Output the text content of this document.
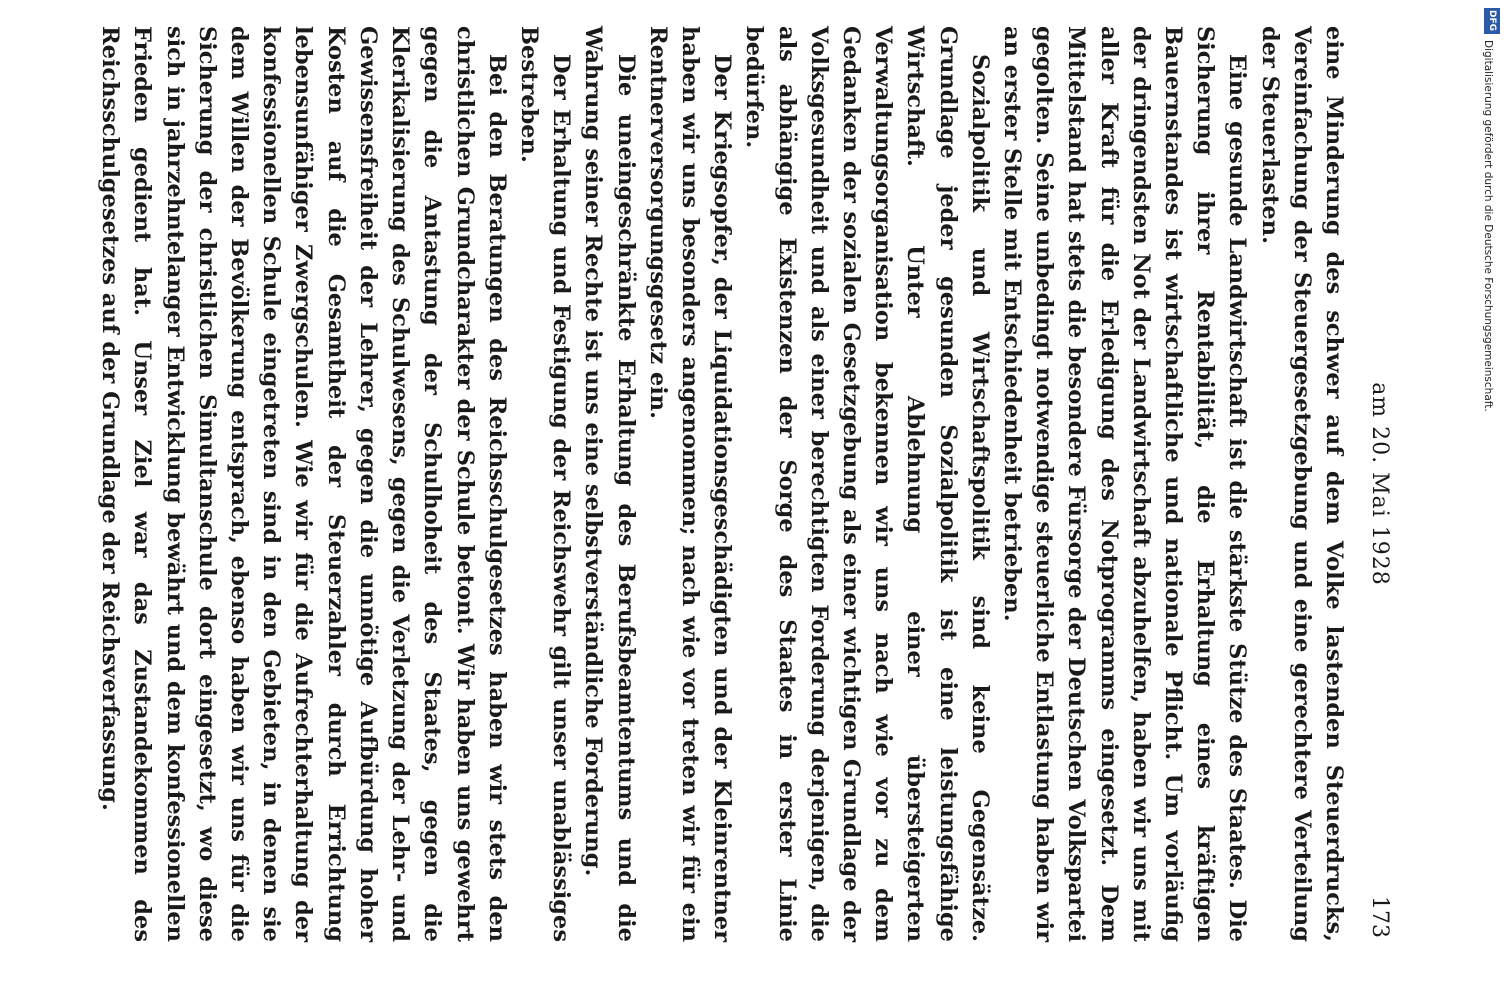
am 20. Mai 1928
173

eine Minderung des schwer auf dem Volke lastenden Steuerdrucks, Vereinfachung der Steuergesetzgebung und eine gerechtere Verteilung der Steuerlasten.

Eine gesunde Landwirtschaft ist die stärkste Stütze des Staates. Die Sicherung ihrer Rentabilität, die Erhaltung eines kräftigen Bauernstandes ist wirtschaftliche und nationale Pflicht. Um vorläufig der dringendsten Not der Landwirtschaft abzuhelfen, haben wir uns mit aller Kraft für die Erledigung des Notprogramms eingesetzt. Dem Mittelstand hat stets die besondere Fürsorge der Deutschen Volkspartei gegolten. Seine unbedingt notwendige steuerliche Entlastung haben wir an erster Stelle mit Entschiedenheit betrieben.

Sozialpolitik und Wirtschaftspolitik sind keine Gegensätze. Grundlage jeder gesunden Sozialpolitik ist eine leistungsfähige Wirtschaft. Unter Ablehnung einer übersteigerten Verwaltungsorganisation bekennen wir uns nach wie vor zu dem Gedanken der sozialen Gesetzgebung als einer wichtigen Grundlage der Volksgesundheit und als einer berechtigten Forderung derjenigen, die als abhängige Existenzen der Sorge des Staates in erster Linie bedürfen.

Der Kriegsopfer, der Liquidationsgeschädigten und der Kleinrentner haben wir uns besonders angenommen; nach wie vor treten wir für ein Rentnerversorgungsgesetz ein.

Die uneingeschränkte Erhaltung des Berufsbeamtentums und die Wahrung seiner Rechte ist uns eine selbstverständliche Forderung.

Der Erhaltung und Festigung der Reichswehr gilt unser unablässiges Bestreben.

Bei den Beratungen des Reichsschulgesetzes haben wir stets den christlichen Grundcharakter der Schule betont. Wir haben uns gewehrt gegen die Antastung der Schulhoheit des Staates, gegen die Klerikalisierung des Schulwesens, gegen die Verletzung der Lehr- und Gewissensfreiheit der Lehrer, gegen die unnötige Aufbürdung hoher Kosten auf die Gesamtheit der Steuerzahler durch Errichtung lebensunfähiger Zwergschulen. Wie wir für die Aufrechterhaltung der konfessionellen Schule eingetreten sind in den Gebieten, in denen sie dem Willen der Bevölkerung entsprach, ebenso haben wir uns für die Sicherung der christlichen Simultanschule dort eingesetzt, wo diese sich in jahrzehntelanger Entwicklung bewährt und dem konfessionellen Frieden gedient hat. Unser Ziel war das Zustandekommen des Reichsschulgesetzes auf der Grundlage der Reichsverfassung.

DFG
Digitalisierung gefördert durch die Deutsche Forschungsgemeinschaft.
